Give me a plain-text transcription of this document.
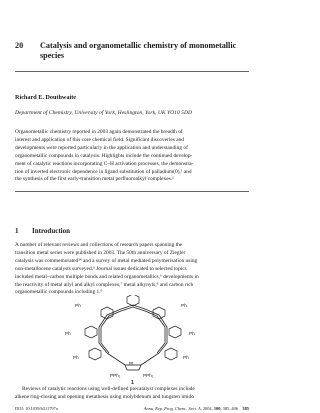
20 Catalysis and organometallic chemistry of monometallic
species
Richard E. Douthwaite
Department of Chemistry, University of York, Heslington, York, UK YO10 5DD
Organometallic chemistry reported in 2003 again demonstrated the breadth of
interest and application of this core chemical field. Significant discoveries and
developments were reported particularly in the application and understanding of
organometallic compounds in catalysis. Highlights include the continued develop-
ment of catalytic reactions incorporating C–H activation processes, the demonstra-
tion of inverted electronic dependence in ligand substitution of palladium(0),¹ and
the synthesis of the first early-transition metal perfluoroalkyl complexes.²
1 Introduction
A number of relevant reviews and collections of research papers spanning the
transition metal series were published in 2003. The 50th anniversary of Ziegler
catalysis was commemorated³⁴ and a survey of metal mediated polymerisation using
non-metallocene catalysts surveyed.⁵ Journal issues dedicated to selected topics
included metal–carbon multiple bonds and related organometallics,⁶ developments in
the reactivity of metal allyl and alkyl complexes,⁷ metal alkynyls,⁸ and carbon rich
organometallic compounds including 1.⁹
Ph	Ph
Ph	Ph
Ph	Ph
Pt
PPh₂	PPh₂
1
Reviews of catalytic reactions using well-defined precatalyst complexes include
alkene ring-closing and opening metathesis using molybdenum and tungsten imido
DOI: 10.1039/b311797a	Annu. Rep. Prog. Chem., Sect. A, 2004, 100, 385–406 385
